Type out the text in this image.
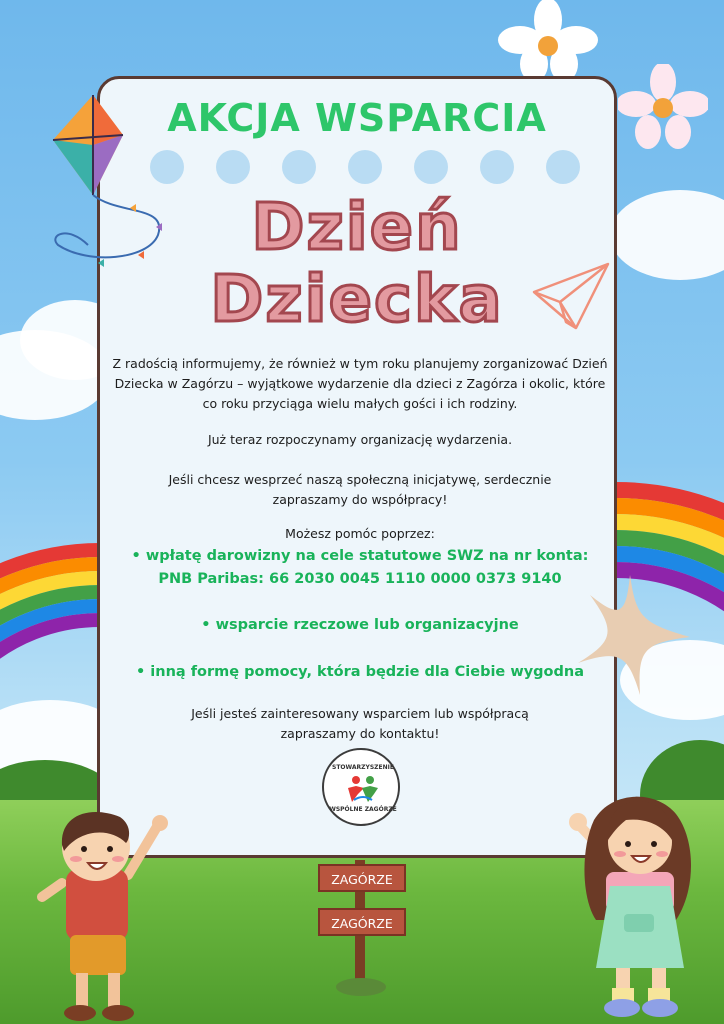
AKCJA WSPARCIA
Dzień
Dziecka
Z radością informujemy, że również w tym roku planujemy zorganizować Dzień Dziecka w Zagórzu – wyjątkowe wydarzenie dla dzieci z Zagórza i okolic, które co roku przyciąga wielu małych gości i ich rodziny.
Już teraz rozpoczynamy organizację wydarzenia.
Jeśli chcesz wesprzeć naszą społeczną inicjatywę, serdecznie zapraszamy do współpracy!
Możesz pomóc poprzez:
• wpłatę darowizny na cele statutowe SWZ na nr konta:
PNB Paribas: 66 2030 0045 1110 0000 0373 9140
• wsparcie rzeczowe lub organizacyjne
• inną formę pomocy, która będzie dla Ciebie wygodna
Jeśli jesteś zainteresowany wsparciem lub współpracą zapraszamy do kontaktu!
STOWARZYSZENIE
WSPÓLNE ZAGÓRZE
ZAGÓRZE
ZAGÓRZE
